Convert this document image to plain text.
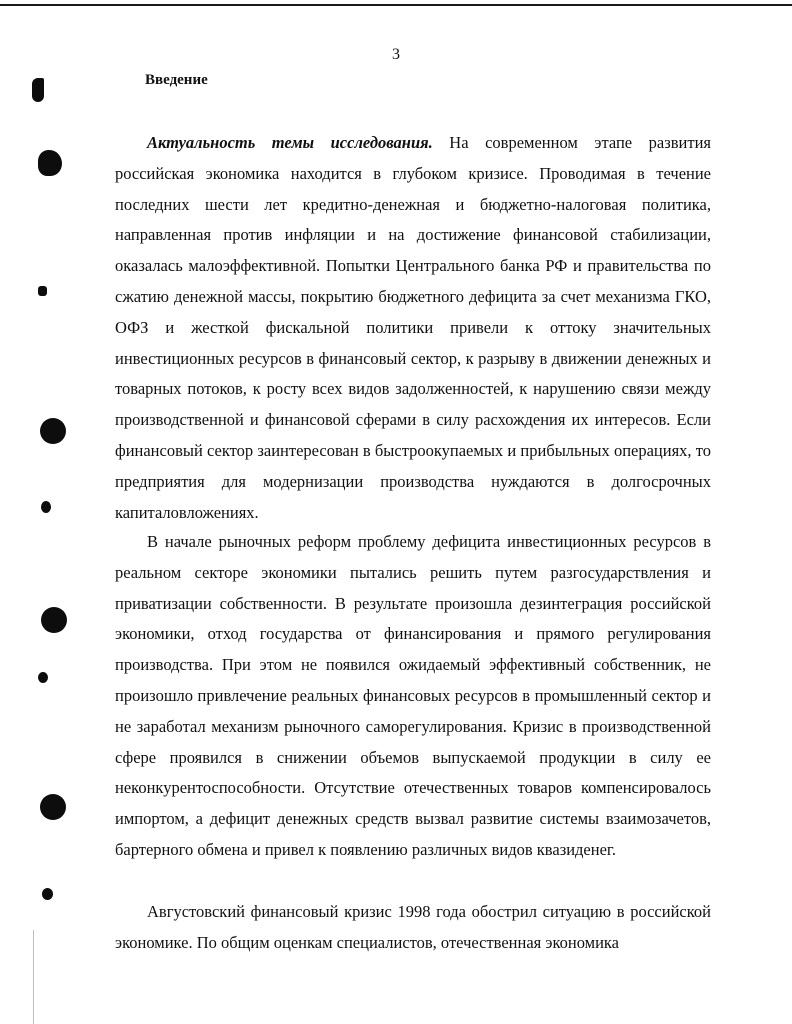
3
Введение

Актуальность темы исследования. На современном этапе развития российская экономика находится в глубоком кризисе. Проводимая в течение последних шести лет кредитно-денежная и бюджетно-налоговая политика, направленная против инфляции и на достижение финансовой стабилизации, оказалась малоэффективной. Попытки Центрального банка РФ и правительства по сжатию денежной массы, покрытию бюджетного дефицита за счет механизма ГКО, ОФЗ и жесткой фискальной политики привели к оттоку значительных инвестиционных ресурсов в финансовый сектор, к разрыву в движении денежных и товарных потоков, к росту всех видов задолженностей, к нарушению связи между производственной и финансовой сферами в силу расхождения их интересов. Если финансовый сектор заинтересован в быстроокупаемых и прибыльных операциях, то предприятия для модернизации производства нуждаются в долгосрочных капиталовложениях.

В начале рыночных реформ проблему дефицита инвестиционных ресурсов в реальном секторе экономики пытались решить путем разгосударствления и приватизации собственности. В результате произошла дезинтеграция российской экономики, отход государства от финансирования и прямого регулирования производства. При этом не появился ожидаемый эффективный собственник, не произошло привлечение реальных финансовых ресурсов в промышленный сектор и не заработал механизм рыночного саморегулирования. Кризис в производственной сфере проявился в снижении объемов выпускаемой продукции в силу ее неконкурентоспособности. Отсутствие отечественных товаров компенсировалось импортом, а дефицит денежных средств вызвал развитие системы взаимозачетов, бартерного обмена и привел к появлению различных видов квазиденег.

Августовский финансовый кризис 1998 года обострил ситуацию в российской экономике. По общим оценкам специалистов, отечественная экономика
